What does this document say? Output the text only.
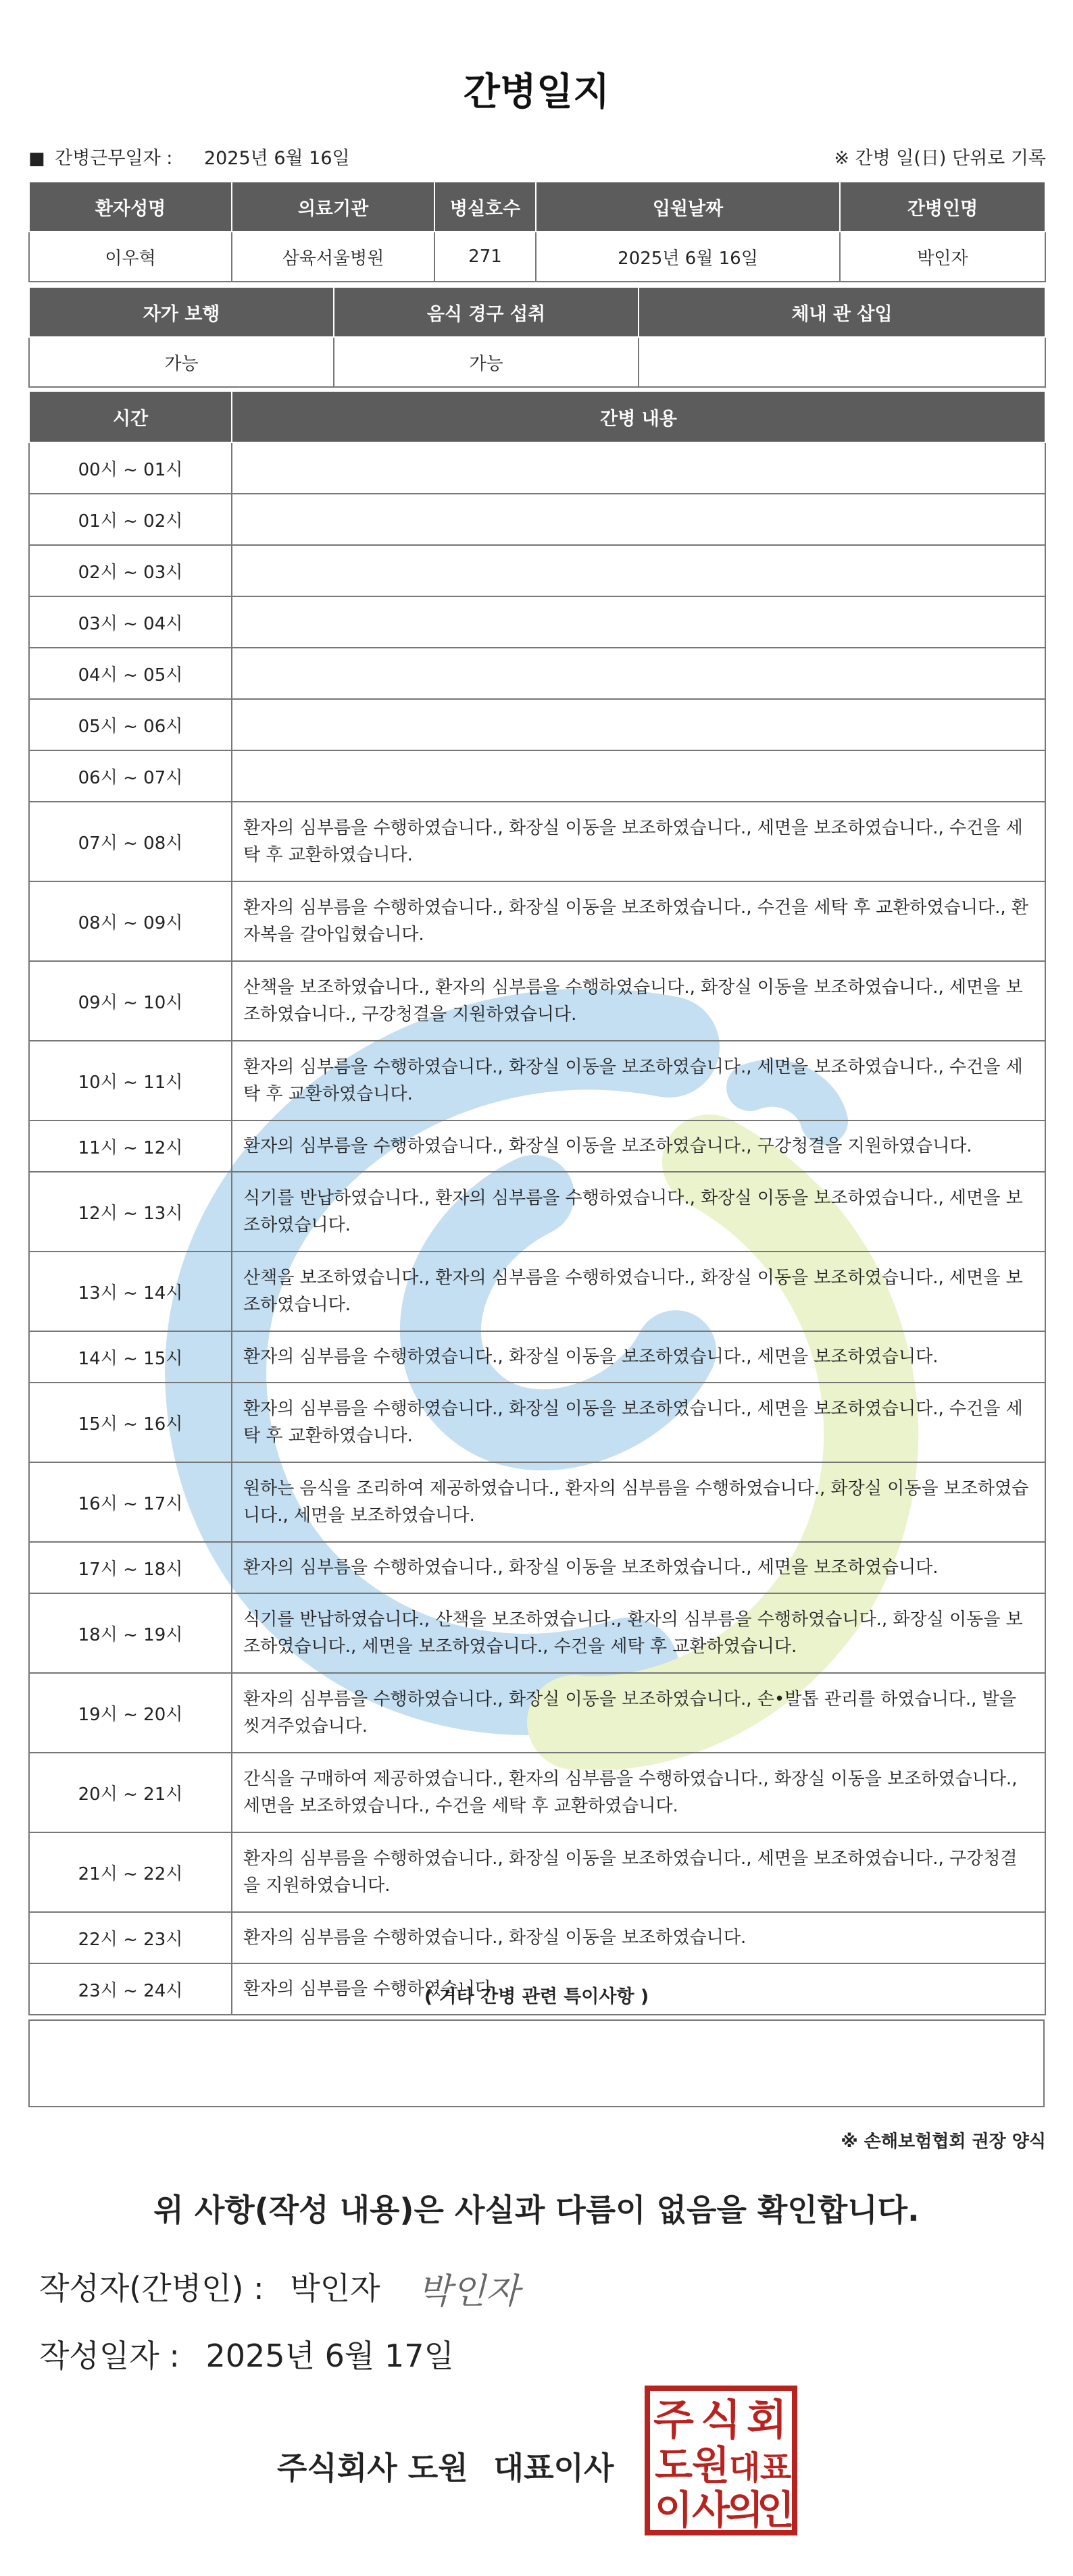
간병일지
■ 간병근무일자 : 2025년 6월 16일	※ 간병 일(日) 단위로 기록
환자성명	의료기관	병실호수	입원날짜	간병인명
이우혁	삼육서울병원	271	2025년 6월 16일	박인자
자가 보행	음식 경구 섭취	체내 관 삽입
가능	가능	
시간	간병 내용
00시 ~ 01시	
01시 ~ 02시	
02시 ~ 03시	
03시 ~ 04시	
04시 ~ 05시	
05시 ~ 06시	
06시 ~ 07시	
07시 ~ 08시	환자의 심부름을 수행하였습니다., 화장실 이동을 보조하였습니다., 세면을 보조하였습니다., 수건을 세탁 후 교환하였습니다.
08시 ~ 09시	환자의 심부름을 수행하였습니다., 화장실 이동을 보조하였습니다., 수건을 세탁 후 교환하였습니다., 환자복을 갈아입혔습니다.
09시 ~ 10시	산책을 보조하였습니다., 환자의 심부름을 수행하였습니다., 화장실 이동을 보조하였습니다., 세면을 보조하였습니다., 구강청결을 지원하였습니다.
10시 ~ 11시	환자의 심부름을 수행하였습니다., 화장실 이동을 보조하였습니다., 세면을 보조하였습니다., 수건을 세탁 후 교환하였습니다.
11시 ~ 12시	환자의 심부름을 수행하였습니다., 화장실 이동을 보조하였습니다., 구강청결을 지원하였습니다.
12시 ~ 13시	식기를 반납하였습니다., 환자의 심부름을 수행하였습니다., 화장실 이동을 보조하였습니다., 세면을 보조하였습니다.
13시 ~ 14시	산책을 보조하였습니다., 환자의 심부름을 수행하였습니다., 화장실 이동을 보조하였습니다., 세면을 보조하였습니다.
14시 ~ 15시	환자의 심부름을 수행하였습니다., 화장실 이동을 보조하였습니다., 세면을 보조하였습니다.
15시 ~ 16시	환자의 심부름을 수행하였습니다., 화장실 이동을 보조하였습니다., 세면을 보조하였습니다., 수건을 세탁 후 교환하였습니다.
16시 ~ 17시	원하는 음식을 조리하여 제공하였습니다., 환자의 심부름을 수행하였습니다., 화장실 이동을 보조하였습니다., 세면을 보조하였습니다.
17시 ~ 18시	환자의 심부름을 수행하였습니다., 화장실 이동을 보조하였습니다., 세면을 보조하였습니다.
18시 ~ 19시	식기를 반납하였습니다., 산책을 보조하였습니다., 환자의 심부름을 수행하였습니다., 화장실 이동을 보조하였습니다., 세면을 보조하였습니다., 수건을 세탁 후 교환하였습니다.
19시 ~ 20시	환자의 심부름을 수행하였습니다., 화장실 이동을 보조하였습니다., 손•발톱 관리를 하였습니다., 발을 씻겨주었습니다.
20시 ~ 21시	간식을 구매하여 제공하였습니다., 환자의 심부름을 수행하였습니다., 화장실 이동을 보조하였습니다., 세면을 보조하였습니다., 수건을 세탁 후 교환하였습니다.
21시 ~ 22시	환자의 심부름을 수행하였습니다., 화장실 이동을 보조하였습니다., 세면을 보조하였습니다., 구강청결을 지원하였습니다.
22시 ~ 23시	환자의 심부름을 수행하였습니다., 화장실 이동을 보조하였습니다.
23시 ~ 24시	환자의 심부름을 수행하였습니다.
( 기타 간병 관련 특이사항 )
※ 손해보험협회 권장 양식
위 사항(작성 내용)은 사실과 다름이 없음을 확인합니다.
작성자(간병인) : 박인자 박인자
작성일자 : 2025년 6월 17일
주식회사 도원 대표이사
주 식 회
도
원
대 표
이
사
의
인
